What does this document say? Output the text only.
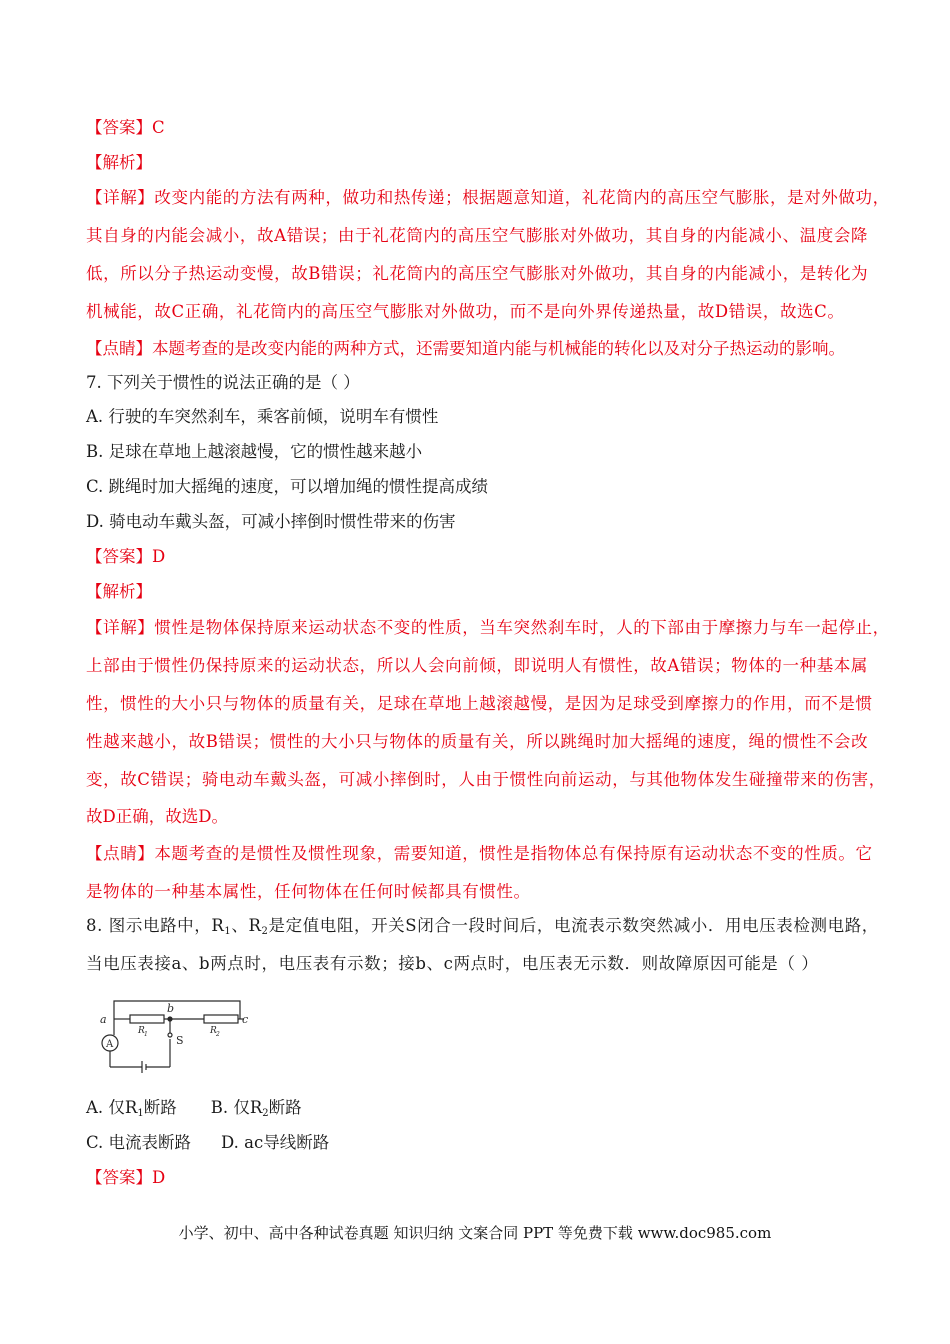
【答案】C
【解析】
【详解】改变内能的方法有两种，做功和热传递；根据题意知道，礼花筒内的高压空气膨胀，是对外做功，
其自身的内能会减小，故A错误；由于礼花筒内的高压空气膨胀对外做功，其自身的内能减小、温度会降
低，所以分子热运动变慢，故B错误；礼花筒内的高压空气膨胀对外做功，其自身的内能减小，是转化为
机械能，故C正确，礼花筒内的高压空气膨胀对外做功，而不是向外界传递热量，故D错误，故选C。
【点睛】本题考查的是改变内能的两种方式，还需要知道内能与机械能的转化以及对分子热运动的影响。
7. 下列关于惯性的说法正确的是（ ）
A. 行驶的车突然刹车，乘客前倾，说明车有惯性
B. 足球在草地上越滚越慢，它的惯性越来越小
C. 跳绳时加大摇绳的速度，可以增加绳的惯性提高成绩
D. 骑电动车戴头盔，可减小摔倒时惯性带来的伤害
【答案】D
【解析】
【详解】惯性是物体保持原来运动状态不变的性质，当车突然刹车时，人的下部由于摩擦力与车一起停止，
上部由于惯性仍保持原来的运动状态，所以人会向前倾，即说明人有惯性，故A错误；物体的一种基本属
性，惯性的大小只与物体的质量有关，足球在草地上越滚越慢，是因为足球受到摩擦力的作用，而不是惯
性越来越小，故B错误；惯性的大小只与物体的质量有关，所以跳绳时加大摇绳的速度，绳的惯性不会改
变，故C错误；骑电动车戴头盔，可减小摔倒时，人由于惯性向前运动，与其他物体发生碰撞带来的伤害，
故D正确，故选D。
【点睛】本题考查的是惯性及惯性现象，需要知道，惯性是指物体总有保持原有运动状态不变的性质。它
是物体的一种基本属性，任何物体在任何时候都具有惯性。
8. 图示电路中，$R_1$、$R_2$是定值电阻，开关S闭合一段时间后，电流表示数突然减小．用电压表检测电路，
当电压表接a、b两点时，电压表有示数；接b、c两点时，电压表无示数．则故障原因可能是（ ）
a
b
c
R 1	R 2
S
A
A. 仅$R_1$断路 B. 仅$R_2$断路
C. 电流表断路 D. ac导线断路
【答案】D
小学、初中、高中各种试卷真题 知识归纳 文案合同 PPT 等免费下载 www.doc985.com
